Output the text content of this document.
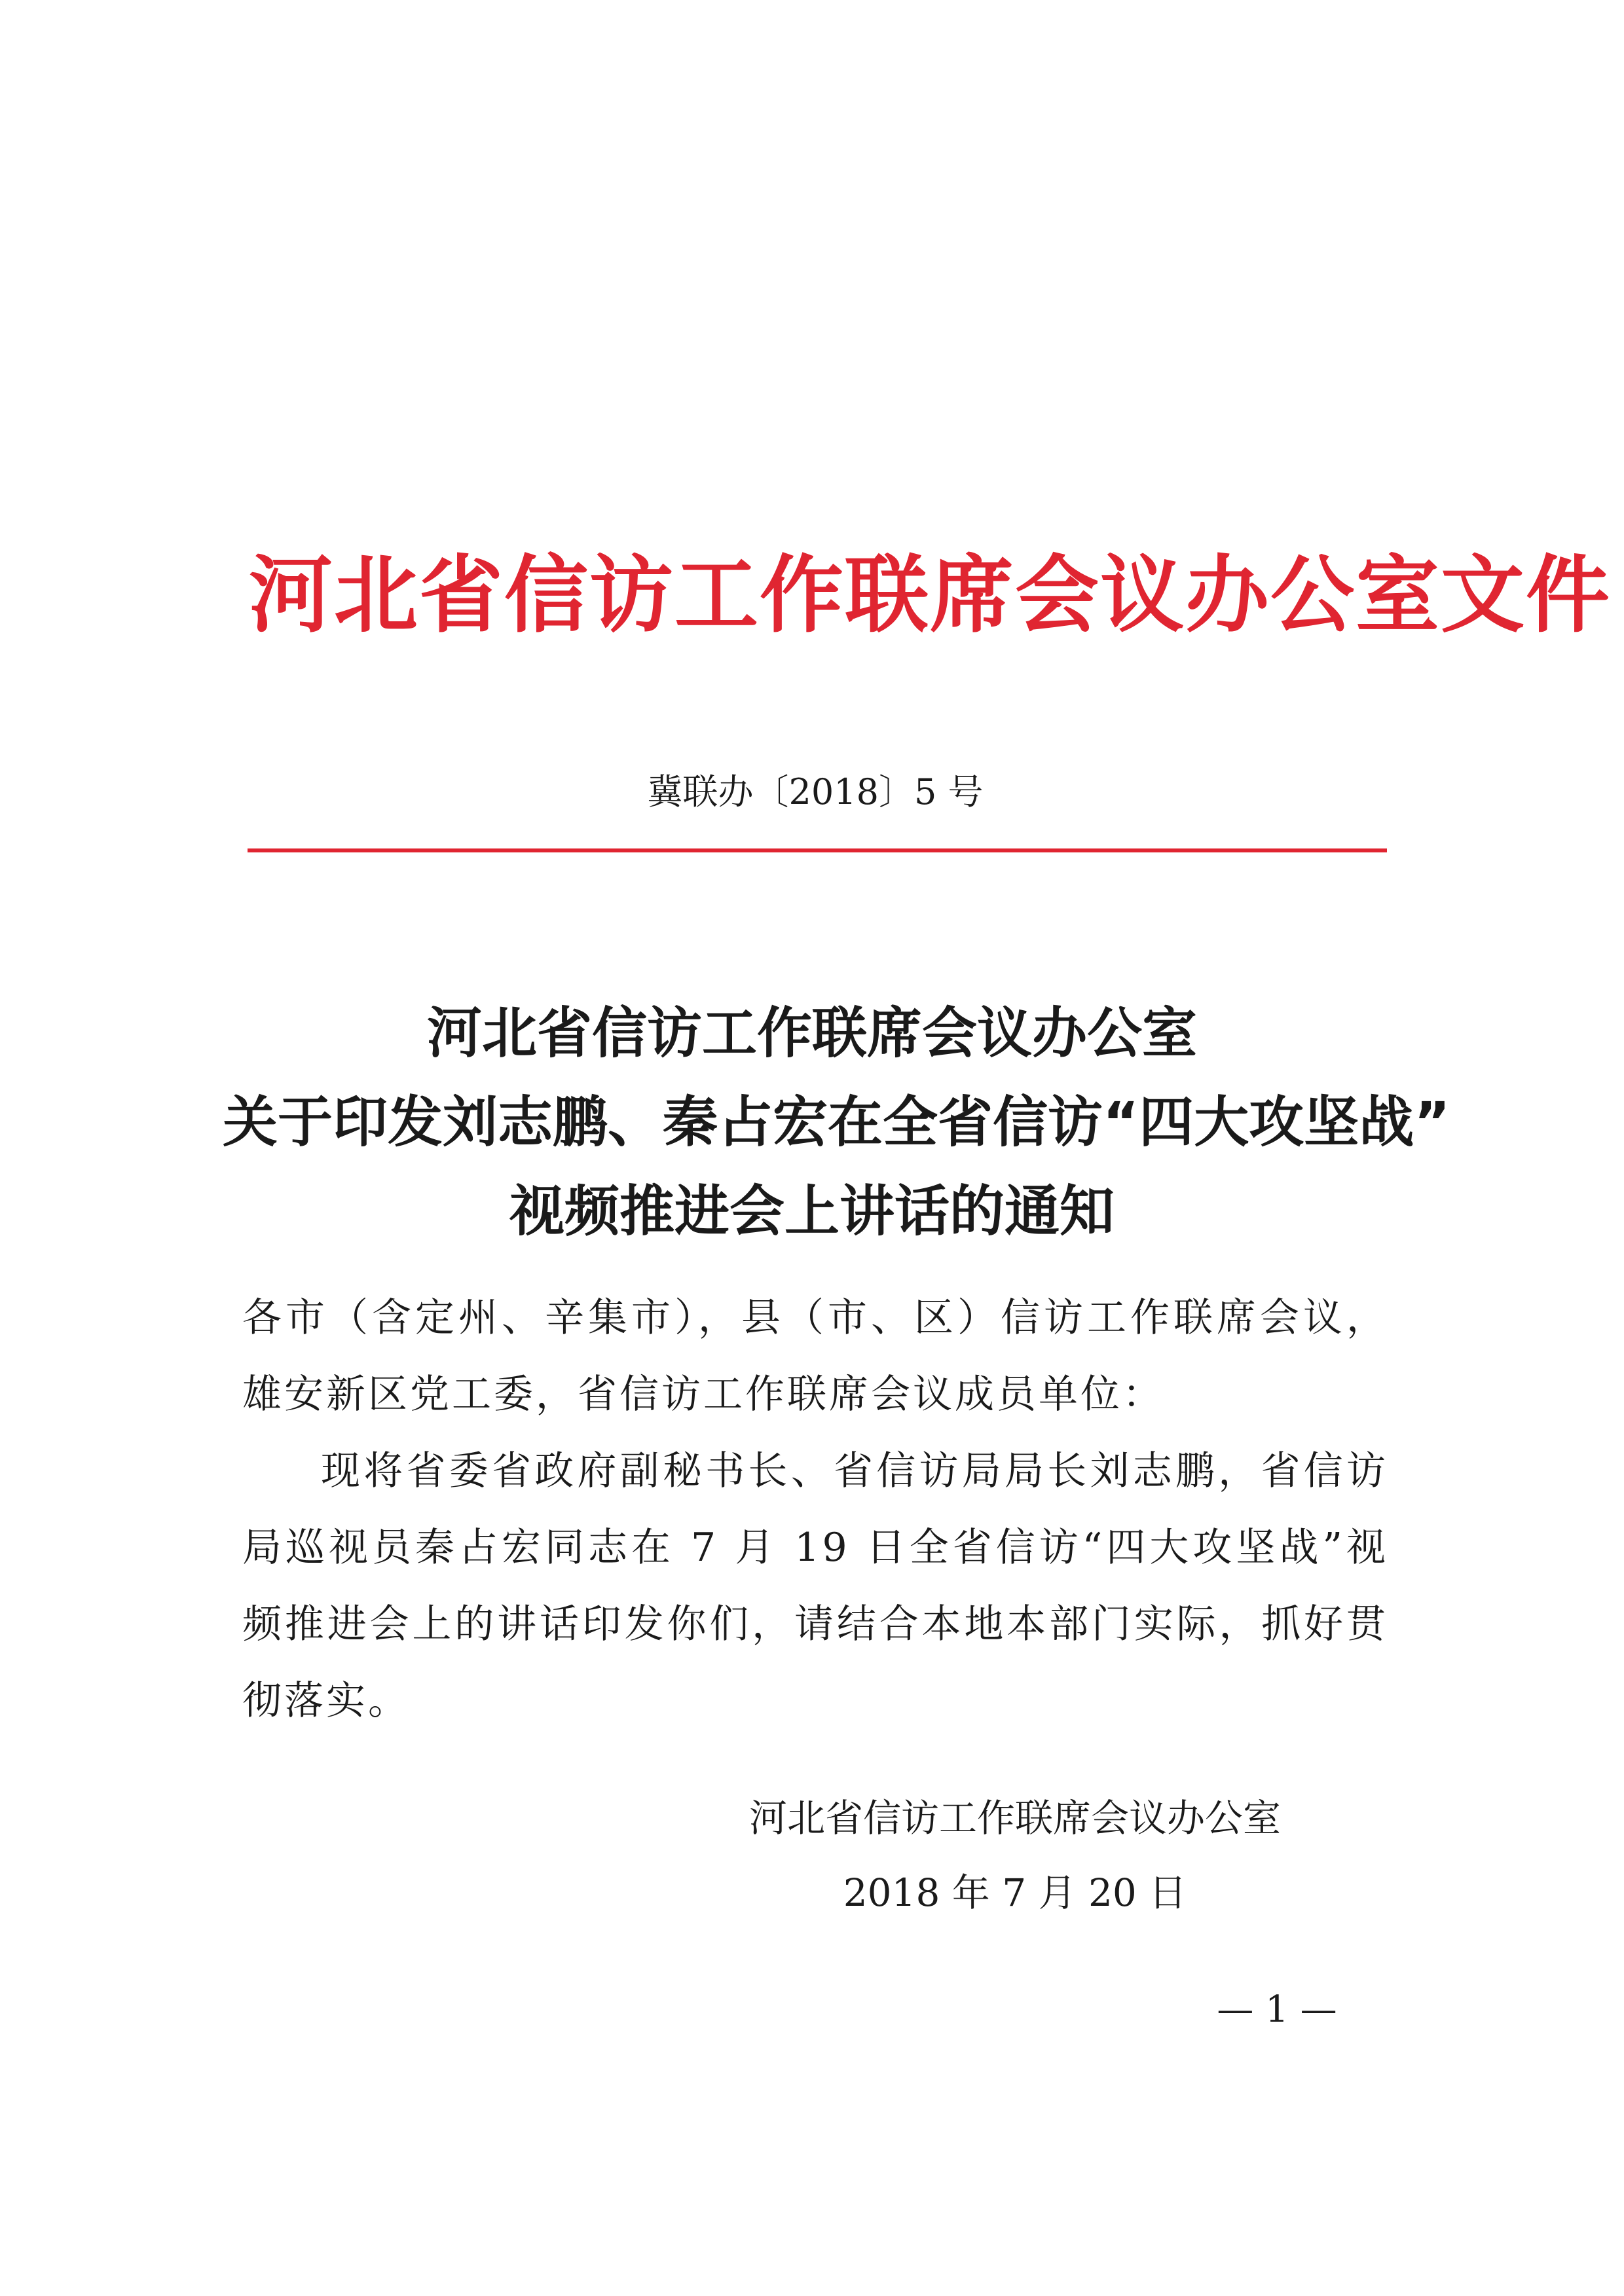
河北省信访工作联席会议办公室文件
冀联办〔2018〕5 号
河北省信访工作联席会议办公室
关于印发刘志鹏、秦占宏在全省信访“四大攻坚战”
视频推进会上讲话的通知

各市（含定州、辛集市），县（市、区）信访工作联席会议，雄安新区党工委，省信访工作联席会议成员单位：

现将省委省政府副秘书长、省信访局局长刘志鹏，省信访局巡视员秦占宏同志在 7 月 19 日全省信访“四大攻坚战”视频推进会上的讲话印发你们，请结合本地本部门实际，抓好贯彻落实。

河北省信访工作联席会议办公室
2018 年 7 月 20 日
— 1 —
